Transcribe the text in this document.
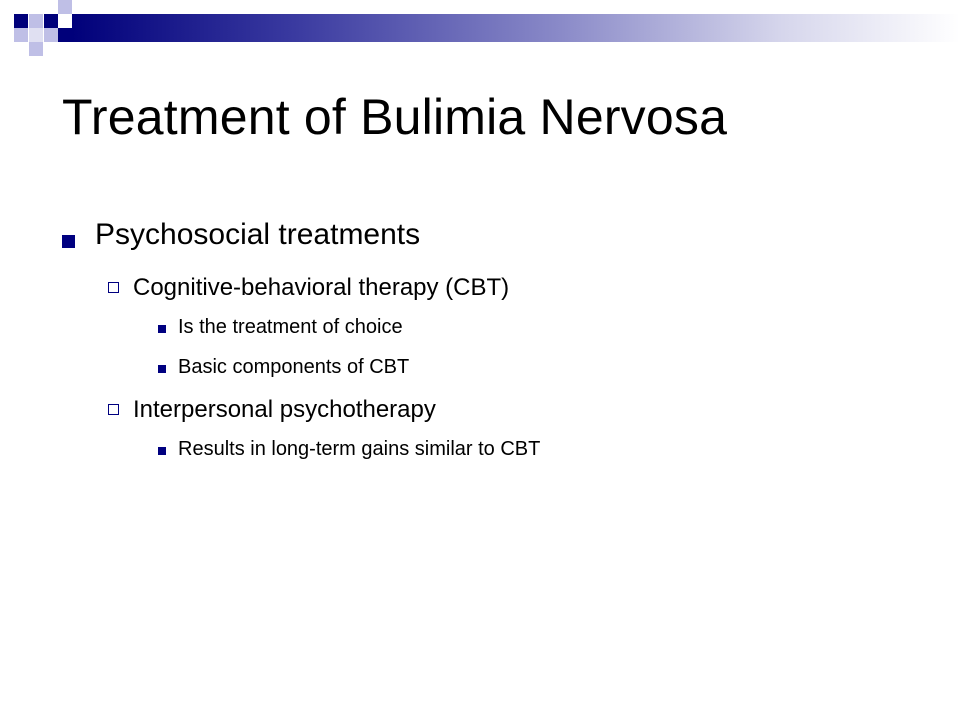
Treatment of Bulimia Nervosa
Psychosocial treatments
Cognitive-behavioral therapy (CBT)
Is the treatment of choice
Basic components of CBT
Interpersonal psychotherapy
Results in long-term gains similar to CBT
